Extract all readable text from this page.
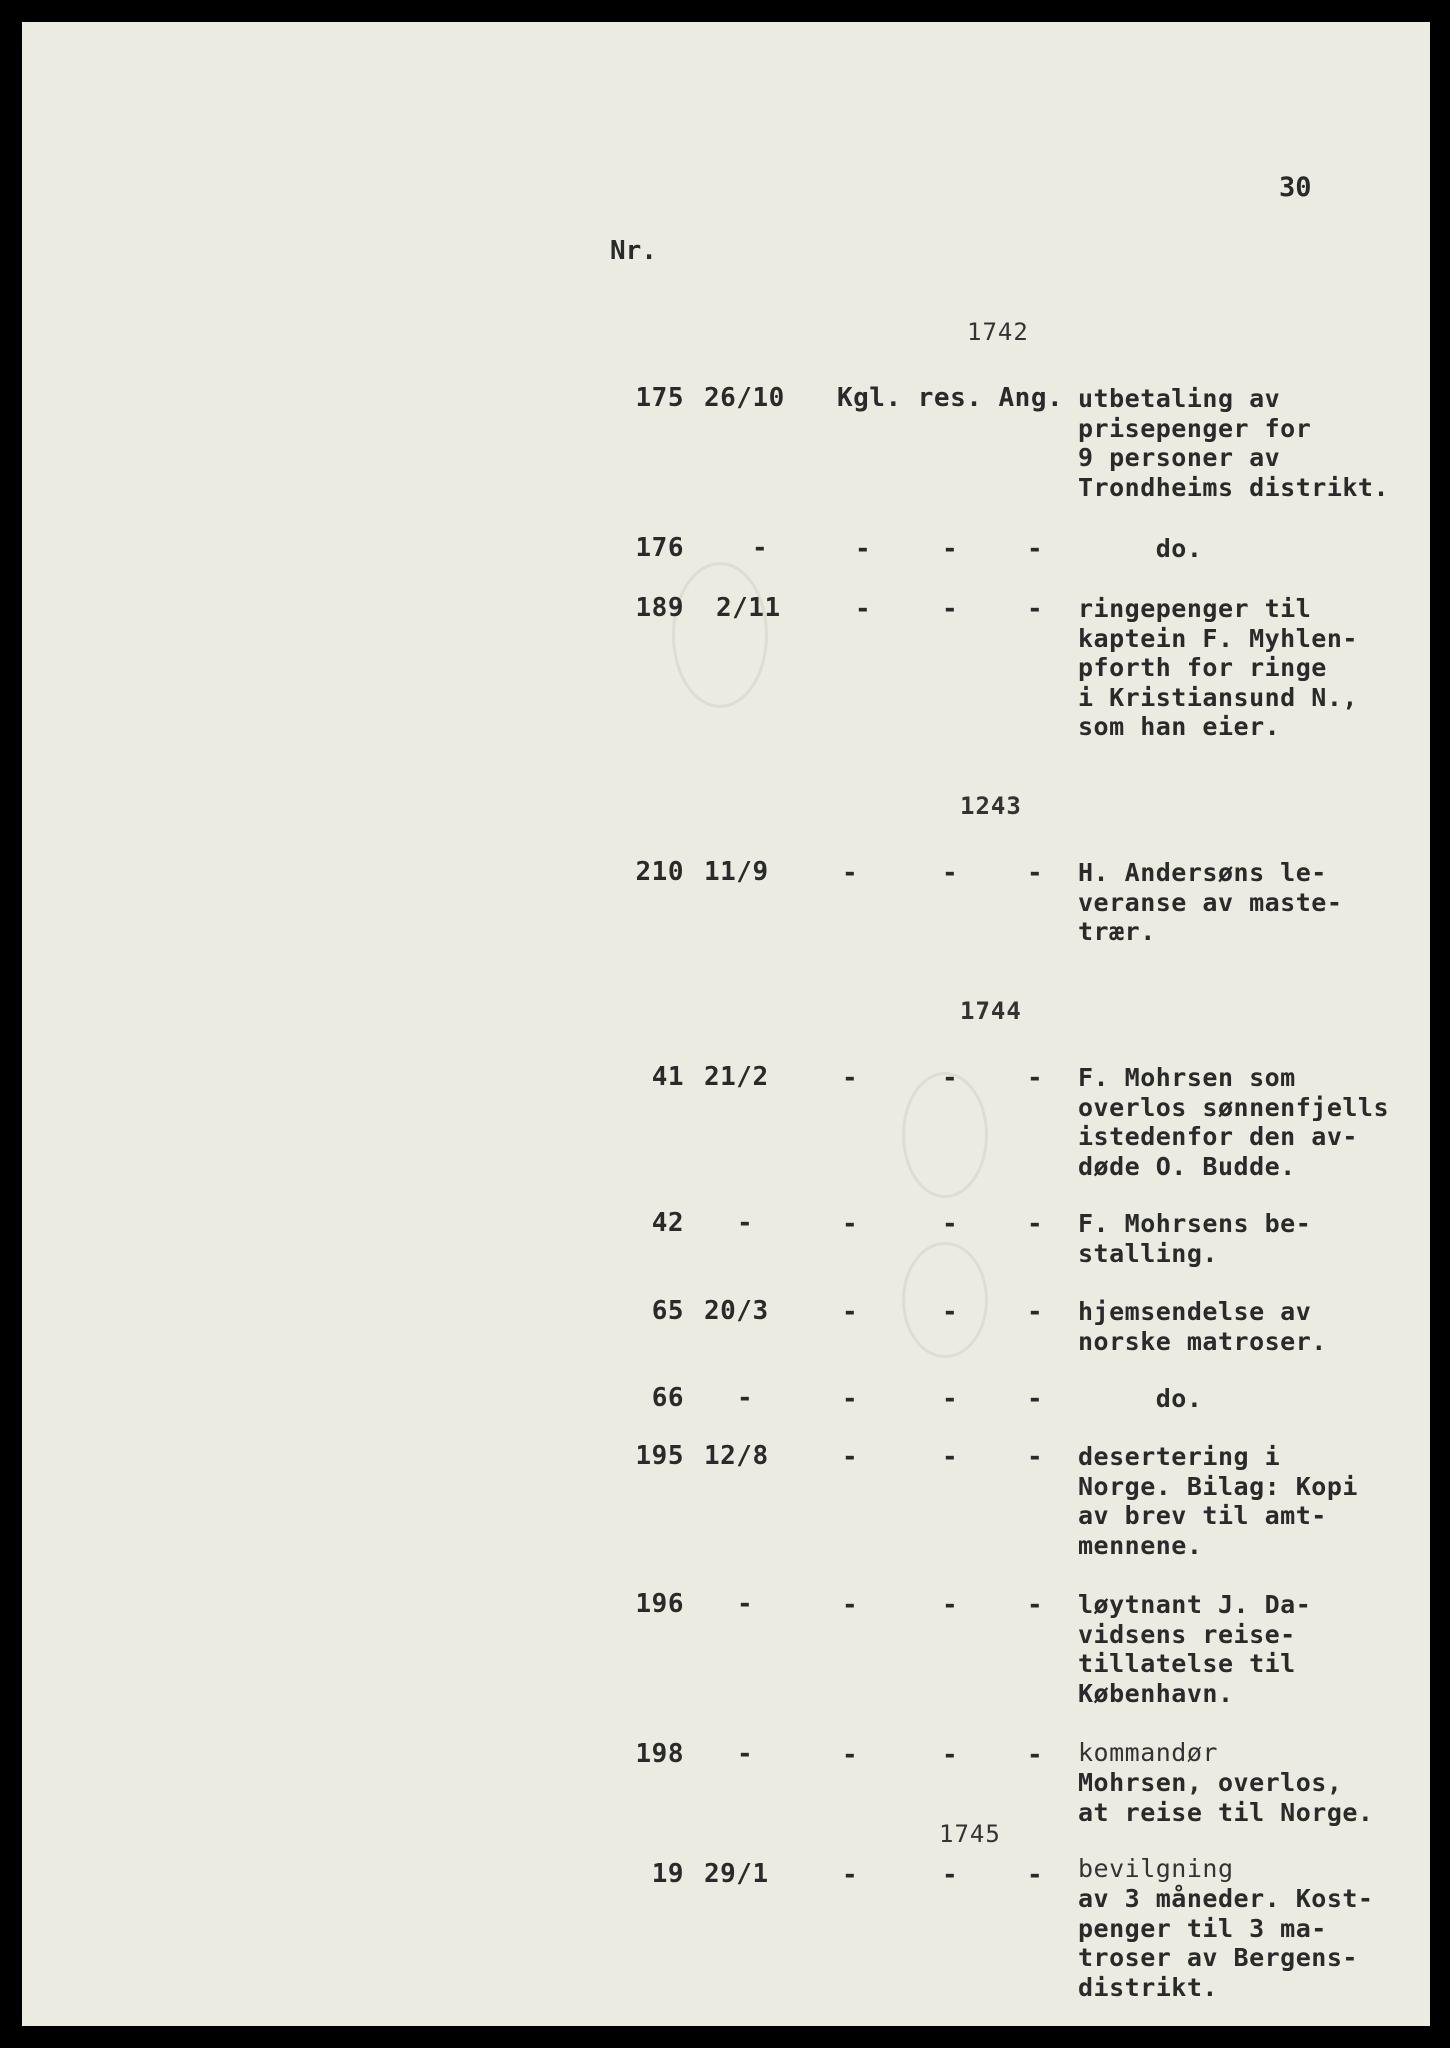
30
Nr.
1742
175 26/10 Kgl. res. Ang. utbetaling av
prisepenger for
9 personer av
Trondheims distrikt.
176	-	-	-	- do.
189 2/11	-	-	- ringepenger til
kaptein F. Myhlen-
pforth for ringe
i Kristiansund N.,
som han eier.
1243
210 11/9	-	-	- H. Andersøns le-
veranse av maste-
trær.
1744
41 21/2	-	-	- F. Mohrsen som
overlos sønnenfjells
istedenfor den av-
døde O. Budde.
42 -	-	-	- F. Mohrsens be-
stalling.
65 20/3	-	-	- hjemsendelse av
norske matroser.
66 -	-	-	- do.
195 12/8	-	-	- desertering i
Norge. Bilag: Kopi
av brev til amt-
mennene.
196 -	-	-	- løytnant J. Da-
vidsens reise-
tillatelse til
København.
198 -	-	-	- kommandør
Mohrsen, overlos,
at reise til Norge.
1745
19 29/1	-	-	- bevilgning
av 3 måneder. Kost-
penger til 3 ma-
troser av Bergens-
distrikt.
